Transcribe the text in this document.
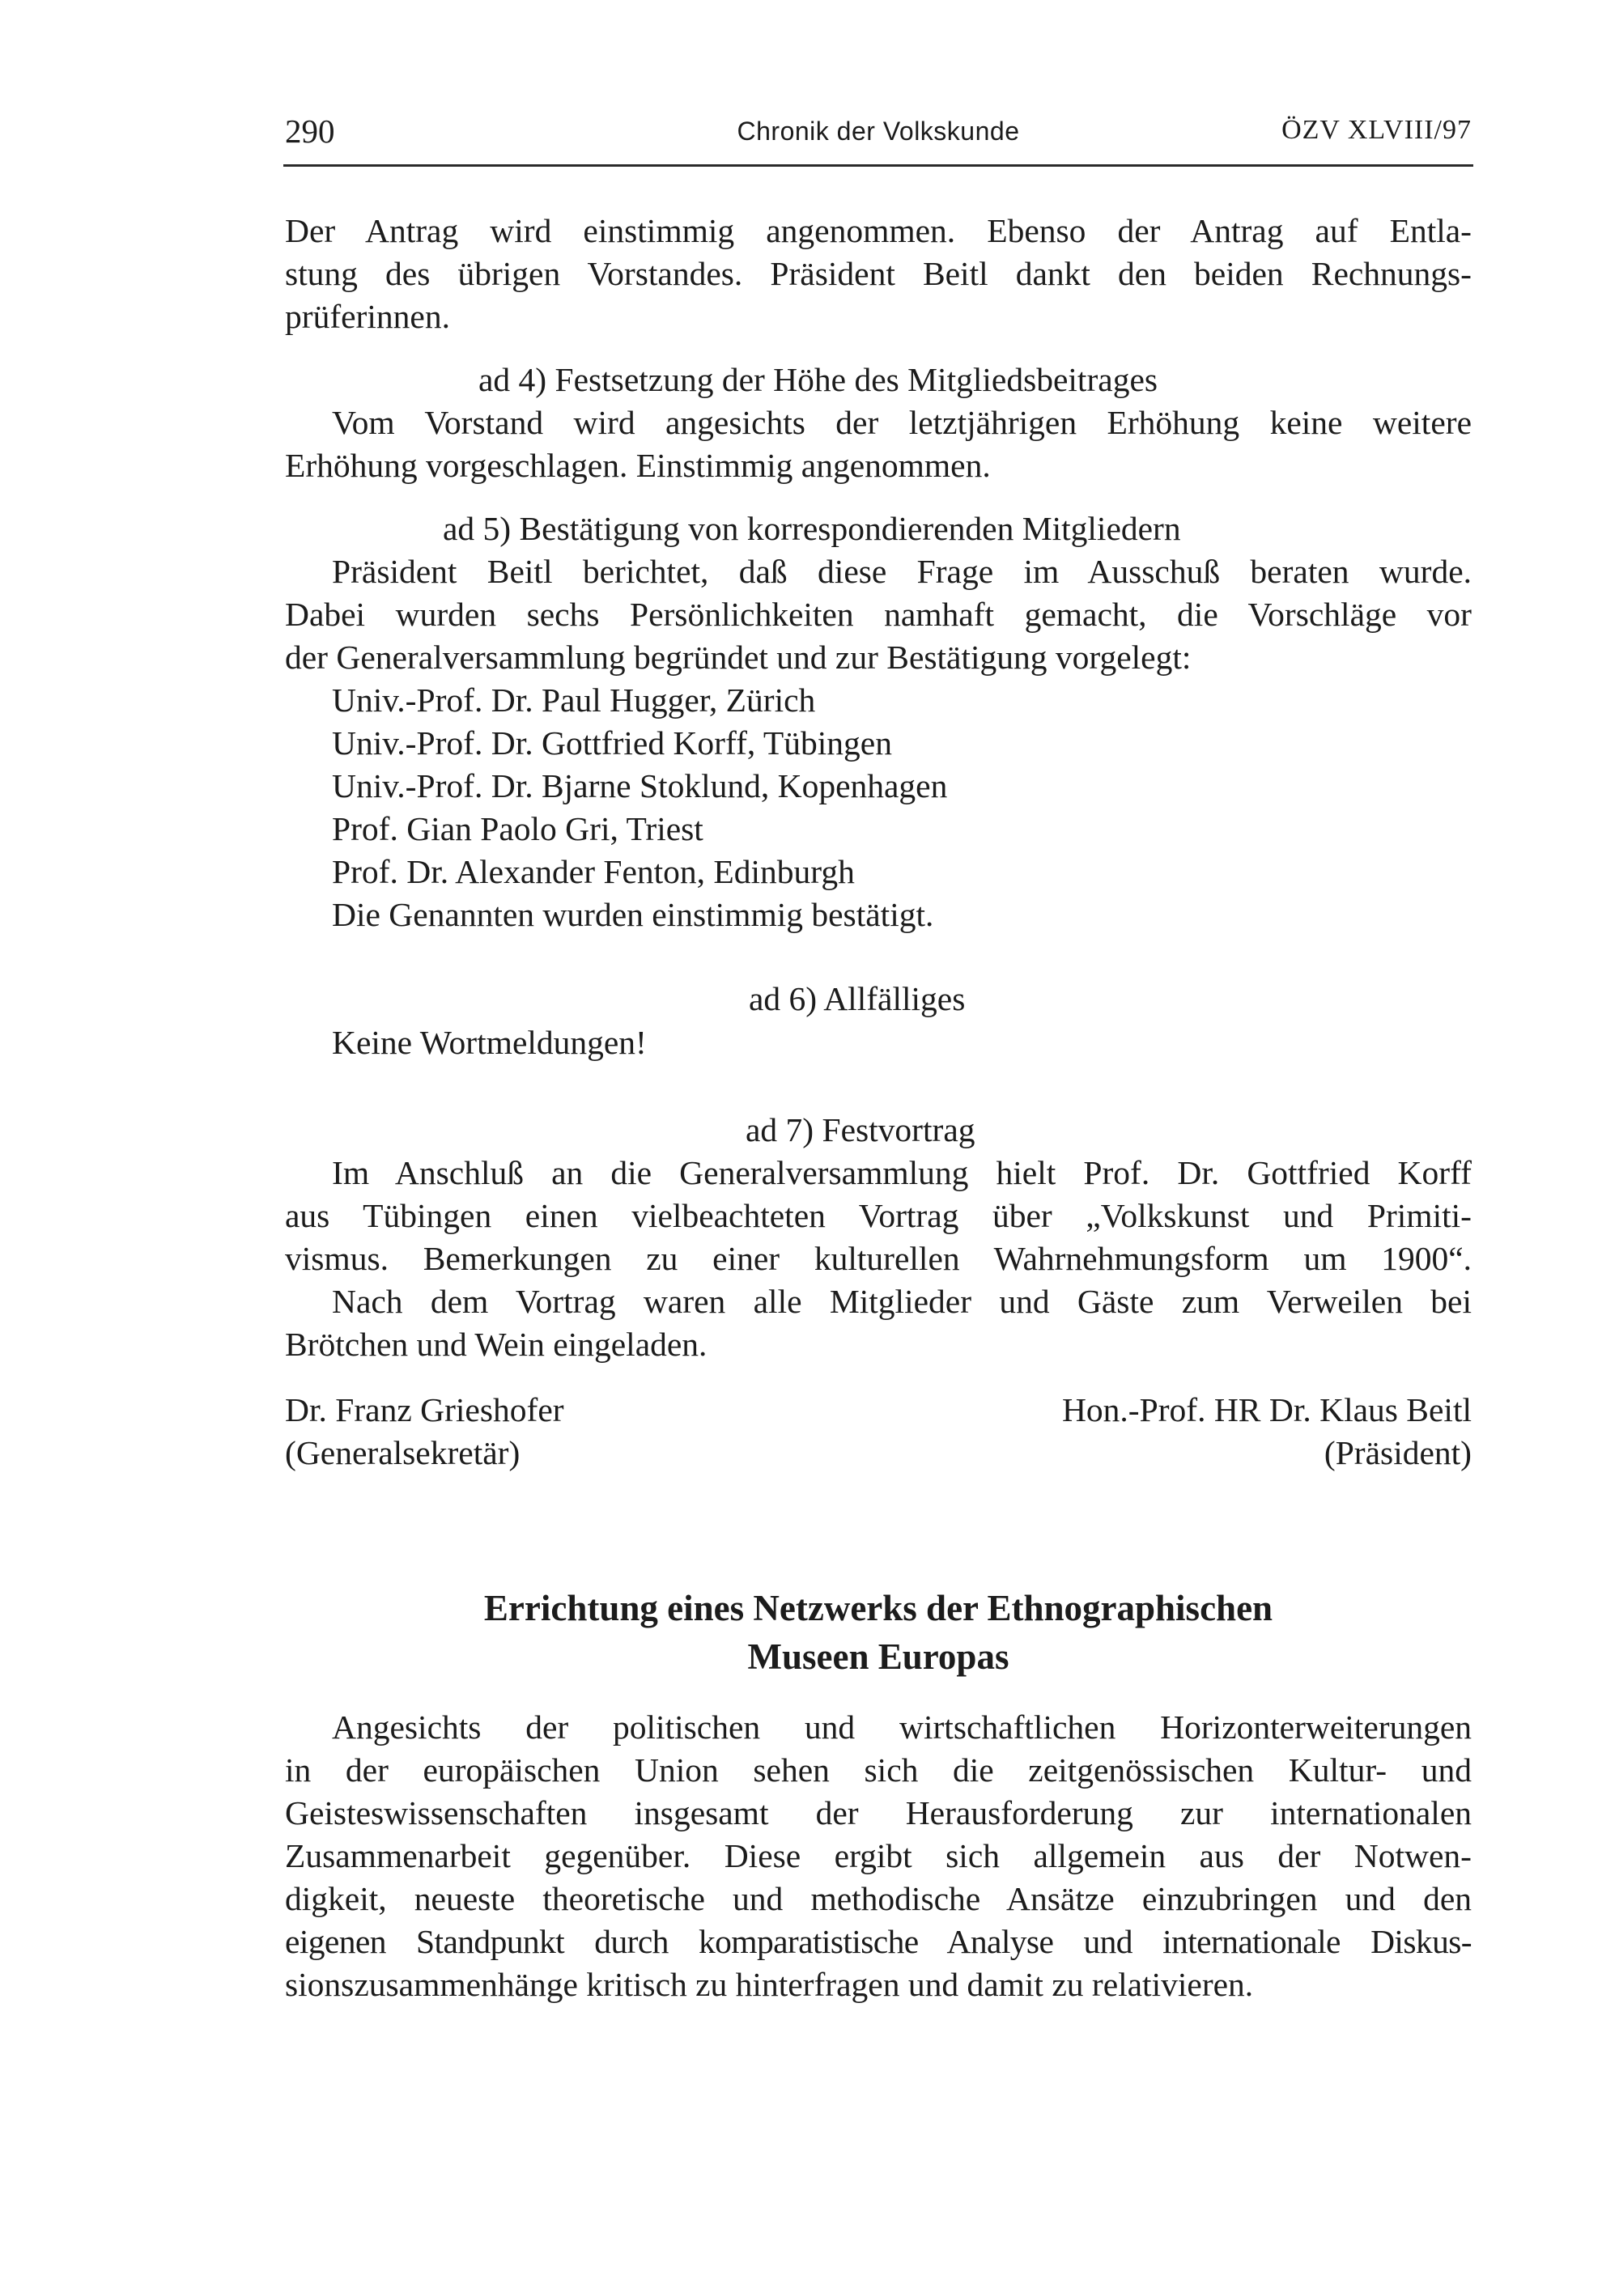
290	Chronik der Volkskunde	ÖZV XLVIII/97
Der Antrag wird einstimmig angenommen. Ebenso der Antrag auf Entla-
stung des übrigen Vorstandes. Präsident Beitl dankt den beiden Rechnungs-
prüferinnen.
ad 4) Festsetzung der Höhe des Mitgliedsbeitrages
Vom Vorstand wird angesichts der letztjährigen Erhöhung keine weitere
Erhöhung vorgeschlagen. Einstimmig angenommen.
ad 5) Bestätigung von korrespondierenden Mitgliedern
Präsident Beitl berichtet, daß diese Frage im Ausschuß beraten wurde.
Dabei wurden sechs Persönlichkeiten namhaft gemacht, die Vorschläge vor
der Generalversammlung begründet und zur Bestätigung vorgelegt:
Univ.-Prof. Dr. Paul Hugger, Zürich
Univ.-Prof. Dr. Gottfried Korff, Tübingen
Univ.-Prof. Dr. Bjarne Stoklund, Kopenhagen
Prof. Gian Paolo Gri, Triest
Prof. Dr. Alexander Fenton, Edinburgh
Die Genannten wurden einstimmig bestätigt.
ad 6) Allfälliges
Keine Wortmeldungen!
ad 7) Festvortrag
Im Anschluß an die Generalversammlung hielt Prof. Dr. Gottfried Korff
aus Tübingen einen vielbeachteten Vortrag über „Volkskunst und Primiti-
vismus. Bemerkungen zu einer kulturellen Wahrnehmungsform um 1900“.
Nach dem Vortrag waren alle Mitglieder und Gäste zum Verweilen bei
Brötchen und Wein eingeladen.
Dr. Franz Grieshofer
(Generalsekretär)
Hon.-Prof. HR Dr. Klaus Beitl
(Präsident)
Errichtung eines Netzwerks der Ethnographischen
Museen Europas
Angesichts der politischen und wirtschaftlichen Horizonterweiterungen
in der europäischen Union sehen sich die zeitgenössischen Kultur- und
Geisteswissenschaften insgesamt der Herausforderung zur internationalen
Zusammenarbeit gegenüber. Diese ergibt sich allgemein aus der Notwen-
digkeit, neueste theoretische und methodische Ansätze einzubringen und den
eigenen Standpunkt durch komparatistische Analyse und internationale Diskus-
sionszusammenhänge kritisch zu hinterfragen und damit zu relativieren.
